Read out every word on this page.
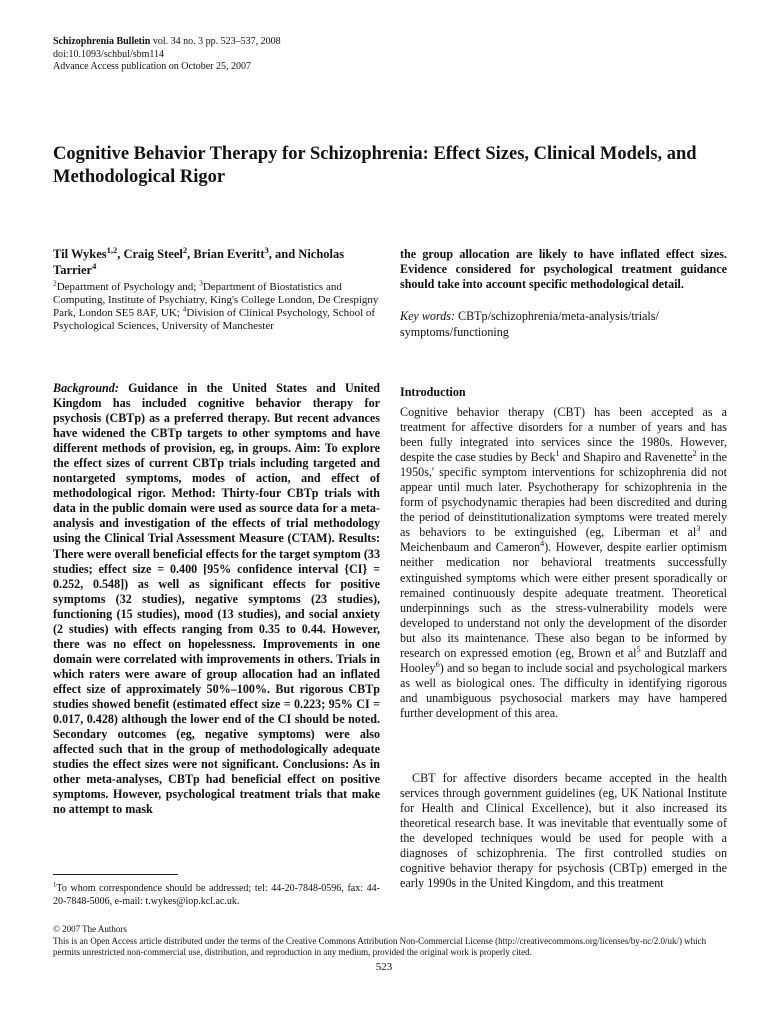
Schizophrenia Bulletin vol. 34 no. 3 pp. 523–537, 2008
doi:10.1093/schbul/sbm114
Advance Access publication on October 25, 2007
Cognitive Behavior Therapy for Schizophrenia: Effect Sizes, Clinical Models, and Methodological Rigor
Til Wykes$^{1,2}$, Craig Steel$^2$, Brian Everitt$^3$, and Nicholas Tarrier$^4$
$^2$Department of Psychology and; $^3$Department of Biostatistics and Computing, Institute of Psychiatry, King's College London, De Crespigny Park, London SE5 8AF, UK; $^4$Division of Clinical Psychology, School of Psychological Sciences, University of Manchester

Background: Guidance in the United States and United Kingdom has included cognitive behavior therapy for psychosis (CBTp) as a preferred therapy. But recent advances have widened the CBTp targets to other symptoms and have different methods of provision, eg, in groups. Aim: To explore the effect sizes of current CBTp trials including targeted and nontargeted symptoms, modes of action, and effect of methodological rigor. Method: Thirty-four CBTp trials with data in the public domain were used as source data for a meta-analysis and investigation of the effects of trial methodology using the Clinical Trial Assessment Measure (CTAM). Results: There were overall beneficial effects for the target symptom (33 studies; effect size = 0.400 [95% confidence interval {CI} = 0.252, 0.548]) as well as significant effects for positive symptoms (32 studies), negative symptoms (23 studies), functioning (15 studies), mood (13 studies), and social anxiety (2 studies) with effects ranging from 0.35 to 0.44. However, there was no effect on hopelessness. Improvements in one domain were correlated with improvements in others. Trials in which raters were aware of group allocation had an inflated effect size of approximately 50%–100%. But rigorous CBTp studies showed benefit (estimated effect size = 0.223; 95% CI = 0.017, 0.428) although the lower end of the CI should be noted. Secondary outcomes (eg, negative symptoms) were also affected such that in the group of methodologically adequate studies the effect sizes were not significant. Conclusions: As in other meta-analyses, CBTp had beneficial effect on positive symptoms. However, psychological treatment trials that make no attempt to mask

the group allocation are likely to have inflated effect sizes. Evidence considered for psychological treatment guidance should take into account specific methodological detail.

Key words: CBTp/schizophrenia/meta-analysis/trials/ symptoms/functioning

Introduction

Cognitive behavior therapy (CBT) has been accepted as a treatment for affective disorders for a number of years and has been fully integrated into services since the 1980s. However, despite the case studies by Beck$^1$ and Shapiro and Ravenette$^2$ in the 1950s,' specific symptom interventions for schizophrenia did not appear until much later. Psychotherapy for schizophrenia in the form of psychodynamic therapies had been discredited and during the period of deinstitutionalization symptoms were treated merely as behaviors to be extinguished (eg, Liberman et $al^3$ and Meichenbaum and Cameron$^4$). However, despite earlier optimism neither medication nor behavioral treatments successfully extinguished symptoms which were either present sporadically or remained continuously despite adequate treatment. Theoretical underpinnings such as the stress-vulnerability models were developed to understand not only the development of the disorder but also its maintenance. These also began to be informed by research on expressed emotion (eg, Brown et $al^5$ and Butzlaff and Hooley$^6$) and so began to include social and psychological markers as well as biological ones. The difficulty in identifying rigorous and unambiguous psychosocial markers may have hampered further development of this area.

CBT for affective disorders became accepted in the health services through government guidelines (eg, UK National Institute for Health and Clinical Excellence), but it also increased its theoretical research base. It was inevitable that eventually some of the developed techniques would be used for people with a diagnoses of schizophrenia. The first controlled studies on cognitive behavior therapy for psychosis (CBTp) emerged in the early 1990s in the United Kingdom, and this treatment

$^1$To whom correspondence should be addressed; tel: 44-20-7848-0596, fax: 44-20-7848-5006, e-mail: t.wykes@iop.kcl.ac.uk.

© 2007 The Authors
This is an Open Access article distributed under the terms of the Creative Commons Attribution Non-Commercial License (http://creativecommons.org/licenses/by-nc/2.0/uk/) which permits unrestricted non-commercial use, distribution, and reproduction in any medium, provided the original work is properly cited.
523
